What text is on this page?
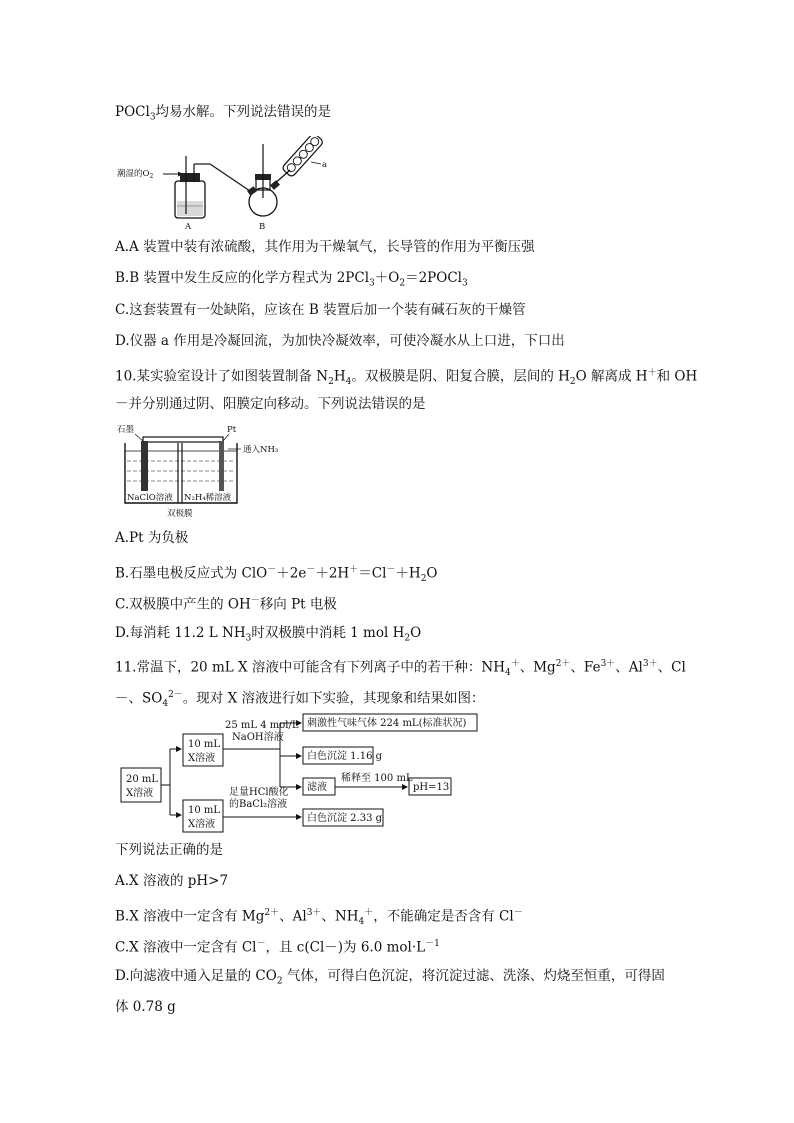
POCl$_3$均易水解。下列说法错误的是
潮湿的$O_2$
A	B
a
A.A 装置中装有浓硫酸，其作用为干燥氧气，长导管的作用为平衡压强
B.B 装置中发生反应的化学方程式为 $2PCl_3+O_2=2POCl_3$
C.这套装置有一处缺陷，应该在 B 装置后加一个装有碱石灰的干燥管
D.仪器 a 作用是冷凝回流，为加快冷凝效率，可使冷凝水从上口进，下口出
10.某实验室设计了如图装置制备 $N_2H_4$。双极膜是阴、阳复合膜，层间的 $H_2O$ 解离成 H＋和 OH
－并分别通过阴、阳膜定向移动。下列说法错误的是
石墨	Pt
通入NH₃
NaClO溶液 N₂H₄稀溶液
双极膜
A.Pt 为负极
B.石墨电极反应式为 $ClO^-+2e^-+2H^+=Cl^-+H_2O$
C.双极膜中产生的 OH－移向 Pt 电极
D.每消耗 11.2 L $NH_3$时双极膜中消耗 1 mol $H_2O$
11.常温下，20 mL X 溶液中可能含有下列离子中的若干种：$NH_4^+$、$Mg^{2+}$、$Fe^{3+}$、$Al^{3+}$、Cl
－、$SO_4^{2-}$。现对 X 溶液进行如下实验，其现象和结果如图：
20 mL
X溶液
10 mL
X溶液
25 mL 4 mol/L
NaOH溶液
刺激性气味气体 224 mL(标准状况)
白色沉淀 1.16 g
滤液
稀释至 100 mL
pH=13
10 mL
X溶液
足量HCl酸化
的BaCl₂溶液
白色沉淀 2.33 g
下列说法正确的是
A.X 溶液的 pH>7
B.X 溶液中一定含有 $Mg^{2+}$、$Al^{3+}$、$NH_4^+$，不能确定是否含有 Cl－
C.X 溶液中一定含有 Cl－，且 c(Cl－)为 6.0 $mol\cdot L^{-1}$
D.向滤液中通入足量的 $CO_2$ 气体，可得白色沉淀，将沉淀过滤、洗涤、灼烧至恒重，可得固
体 0.78 g
